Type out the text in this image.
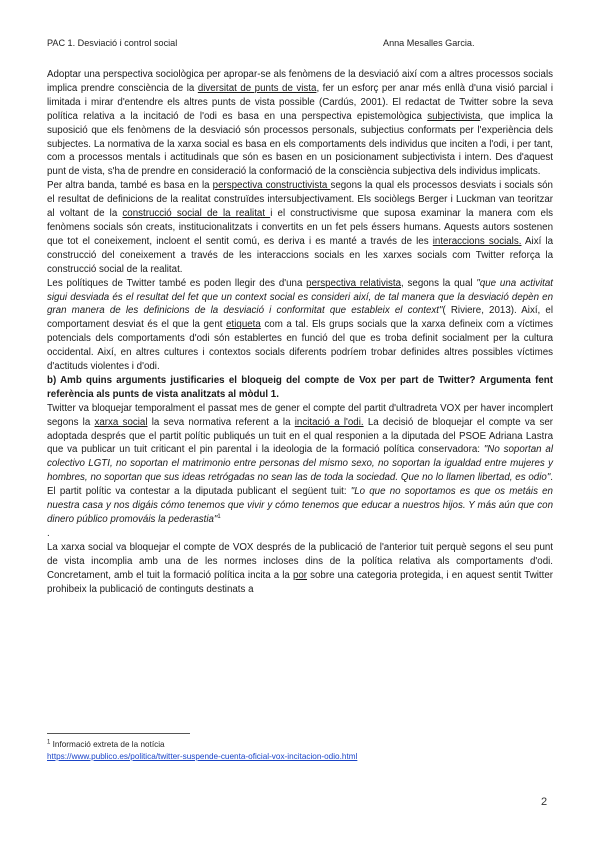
PAC 1. Desviació i control social	Anna Mesalles Garcia.

Adoptar una perspectiva sociològica per apropar-se als fenòmens de la desviació així com a altres processos socials implica prendre consciència de la diversitat de punts de vista, fer un esforç per anar més enllà d'una visió parcial i limitada i mirar d'entendre els altres punts de vista possible (Cardús, 2001). El redactat de Twitter sobre la seva política relativa a la incitació de l'odi es basa en una perspectiva epistemològica subjectivista, que implica la suposició que els fenòmens de la desviació són processos personals, subjectius conformats per l'experiència dels subjectes. La normativa de la xarxa social es basa en els comportaments dels individus que inciten a l'odi, i per tant, com a processos mentals i actitudinals que són es basen en un posicionament subjectivista i intern. Des d'aquest punt de vista, s'ha de prendre en consideració la conformació de la consciència subjectiva dels individus implicats.

Per altra banda, també es basa en la perspectiva constructivista segons la qual els processos desviats i socials són el resultat de definicions de la realitat construïdes intersubjectivament. Els sociòlegs Berger i Luckman van teoritzar al voltant de la construcció social de la realitat i el constructivisme que suposa examinar la manera com els fenòmens socials són creats, institucionalitzats i convertits en un fet pels éssers humans. Aquests autors sostenen que tot el coneixement, incloent el sentit comú, es deriva i es manté a través de les interaccions socials. Així la construcció del coneixement a través de les interaccions socials en les xarxes socials com Twitter reforça la construcció social de la realitat.

Les polítiques de Twitter també es poden llegir des d'una perspectiva relativista, segons la qual "que una activitat sigui desviada és el resultat del fet que un context social es consideri així, de tal manera que la desviació depèn en gran manera de les definicions de la desviació i conformitat que estableix el context"( Riviere, 2013). Així, el comportament desviat és el que la gent etiqueta com a tal. Els grups socials que la xarxa defineix com a víctimes potencials dels comportaments d'odi són establertes en funció del que es troba definit socialment per la cultura occidental. Així, en altres cultures i contextos socials diferents podríem trobar definides altres possibles víctimes d'actituds violentes i d'odi.

b) Amb quins arguments justificaries el bloqueig del compte de Vox per part de Twitter? Argumenta fent referència als punts de vista analitzats al mòdul 1.

Twitter va bloquejar temporalment el passat mes de gener el compte del partit d'ultradreta VOX per haver incomplert segons la xarxa social la seva normativa referent a la incitació a l'odi. La decisió de bloquejar el compte va ser adoptada després que el partit polític publiqués un tuit en el qual responien a la diputada del PSOE Adriana Lastra que va publicar un tuit criticant el pin parental i la ideologia de la formació política conservadora: "No soportan al colectivo LGTI, no soportan el matrimonio entre personas del mismo sexo, no soportan la igualdad entre mujeres y hombres, no soportan que sus ideas retrógadas no sean las de toda la sociedad. Que no lo llamen libertad, es odio". El partit polític va contestar a la diputada publicant el següent tuit: "Lo que no soportamos es que os metáis en nuestra casa y nos digáis cómo tenemos que vivir y cómo tenemos que educar a nuestros hijos. Y más aún que con dinero público promováis la pederastia"$^1$
.

La xarxa social va bloquejar el compte de VOX després de la publicació de l'anterior tuit perquè segons el seu punt de vista incomplia amb una de les normes incloses dins de la política relativa als comportaments d'odi. Concretament, amb el tuit la formació política incita a la por sobre una categoria protegida, i en aquest sentit Twitter prohibeix la publicació de continguts destinats a

$^1$ Informació extreta de la notícia
https://www.publico.es/politica/twitter-suspende-cuenta-oficial-vox-incitacion-odio.html
2
